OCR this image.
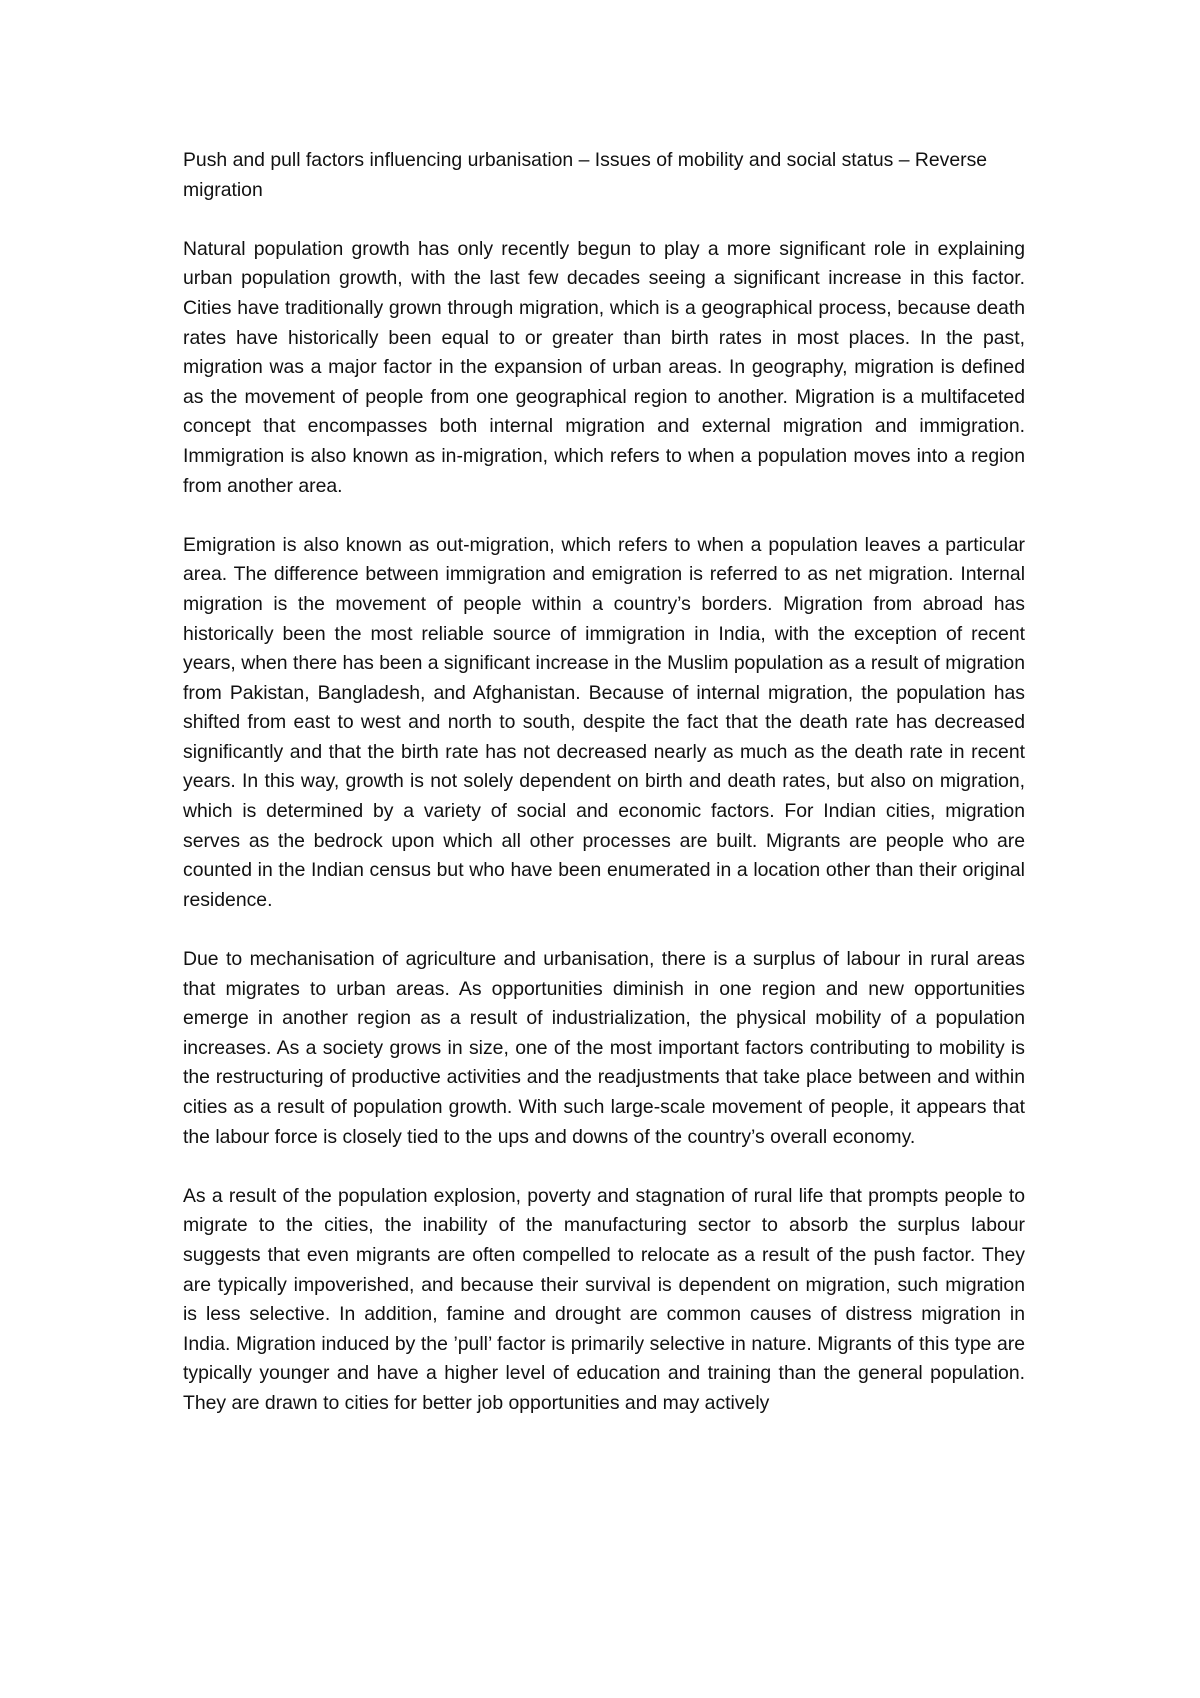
Push and pull factors influencing urbanisation – Issues of mobility and social status – Reverse migration

Natural population growth has only recently begun to play a more significant role in explaining urban population growth, with the last few decades seeing a significant increase in this factor. Cities have traditionally grown through migration, which is a geographical process, because death rates have historically been equal to or greater than birth rates in most places. In the past, migration was a major factor in the expansion of urban areas. In geography, migration is defined as the movement of people from one geographical region to another. Migration is a multifaceted concept that encompasses both internal migration and external migration and immigration. Immigration is also known as in-migration, which refers to when a population moves into a region from another area.

Emigration is also known as out-migration, which refers to when a population leaves a particular area. The difference between immigration and emigration is referred to as net migration. Internal migration is the movement of people within a country’s borders. Migration from abroad has historically been the most reliable source of immigration in India, with the exception of recent years, when there has been a significant increase in the Muslim population as a result of migration from Pakistan, Bangladesh, and Afghanistan. Because of internal migration, the population has shifted from east to west and north to south, despite the fact that the death rate has decreased significantly and that the birth rate has not decreased nearly as much as the death rate in recent years. In this way, growth is not solely dependent on birth and death rates, but also on migration, which is determined by a variety of social and economic factors. For Indian cities, migration serves as the bedrock upon which all other processes are built. Migrants are people who are counted in the Indian census but who have been enumerated in a location other than their original residence.

Due to mechanisation of agriculture and urbanisation, there is a surplus of labour in rural areas that migrates to urban areas. As opportunities diminish in one region and new opportunities emerge in another region as a result of industrialization, the physical mobility of a population increases. As a society grows in size, one of the most important factors contributing to mobility is the restructuring of productive activities and the readjustments that take place between and within cities as a result of population growth. With such large-scale movement of people, it appears that the labour force is closely tied to the ups and downs of the country’s overall economy.

As a result of the population explosion, poverty and stagnation of rural life that prompts people to migrate to the cities, the inability of the manufacturing sector to absorb the surplus labour suggests that even migrants are often compelled to relocate as a result of the push factor. They are typically impoverished, and because their survival is dependent on migration, such migration is less selective. In addition, famine and drought are common causes of distress migration in India. Migration induced by the ’pull’ factor is primarily selective in nature. Migrants of this type are typically younger and have a higher level of education and training than the general population. They are drawn to cities for better job opportunities and may actively
